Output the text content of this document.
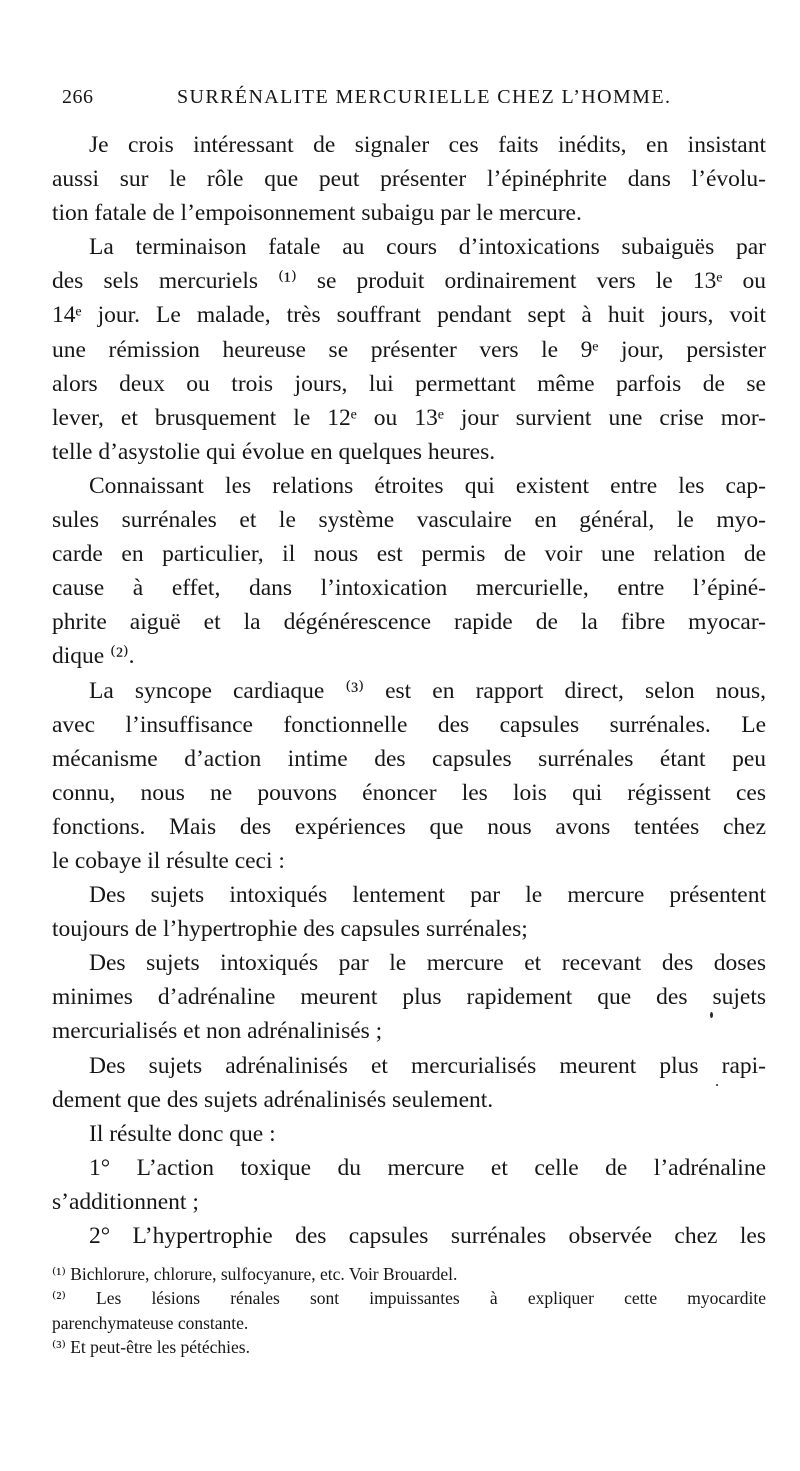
266	SURRÉNALITE MERCURIELLE CHEZ L’HOMME.
Je crois intéressant de signaler ces faits inédits, en insistant
aussi sur le rôle que peut présenter l’épinéphrite dans l’évolu-
tion fatale de l’empoisonnement subaigu par le mercure.
La terminaison fatale au cours d’intoxications subaiguës par
des sels mercuriels ⁽¹⁾ se produit ordinairement vers le 13ᵉ ou
14ᵉ jour. Le malade, très souffrant pendant sept à huit jours, voit
une rémission heureuse se présenter vers le 9ᵉ jour, persister
alors deux ou trois jours, lui permettant même parfois de se
lever, et brusquement le 12ᵉ ou 13ᵉ jour survient une crise mor-
telle d’asystolie qui évolue en quelques heures.
Connaissant les relations étroites qui existent entre les cap-
sules surrénales et le système vasculaire en général, le myo-
carde en particulier, il nous est permis de voir une relation de
cause à effet, dans l’intoxication mercurielle, entre l’épiné-
phrite aiguë et la dégénérescence rapide de la fibre myocar-
dique ⁽²⁾.
La syncope cardiaque ⁽³⁾ est en rapport direct, selon nous,
avec l’insuffisance fonctionnelle des capsules surrénales. Le
mécanisme d’action intime des capsules surrénales étant peu
connu, nous ne pouvons énoncer les lois qui régissent ces
fonctions. Mais des expériences que nous avons tentées chez
le cobaye il résulte ceci :
Des sujets intoxiqués lentement par le mercure présentent
toujours de l’hypertrophie des capsules surrénales;
Des sujets intoxiqués par le mercure et recevant des doses
minimes d’adrénaline meurent plus rapidement que des sujets
mercurialisés et non adrénalinisés ;
Des sujets adrénalinisés et mercurialisés meurent plus rapi-
dement que des sujets adrénalinisés seulement.
Il résulte donc que :
1° L’action toxique du mercure et celle de l’adrénaline
s’additionnent ;
2° L’hypertrophie des capsules surrénales observée chez les
⁽¹⁾ Bichlorure, chlorure, sulfocyanure, etc. Voir Brouardel.
⁽²⁾ Les lésions rénales sont impuissantes à expliquer cette myocardite
parenchymateuse constante.
⁽³⁾ Et peut-être les pétéchies.
